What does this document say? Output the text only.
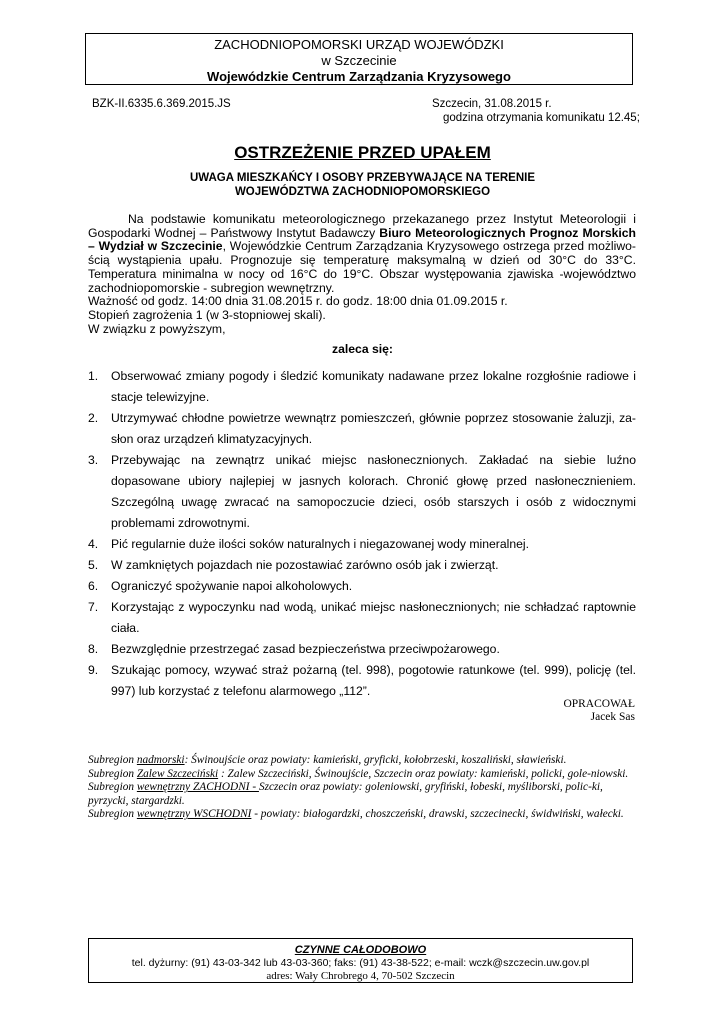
ZACHODNIOPOMORSKI URZĄD WOJEWÓDZKI
w Szczecinie
Wojewódzkie Centrum Zarządzania Kryzysowego
BZK-II.6335.6.369.2015.JS	Szczecin, 31.08.2015 r.
godzina otrzymania komunikatu 12.45;
OSTRZEŻENIE PRZED UPAŁEM
UWAGA MIESZKAŃCY I OSOBY PRZEBYWAJĄCE NA TERENIE
WOJEWÓDZTWA ZACHODNIOPOMORSKIEGO

Na podstawie komunikatu meteorologicznego przekazanego przez Instytut Meteorologii i Gospodarki Wodnej – Państwowy Instytut Badawczy Biuro Meteorologicznych Prognoz Morskich – Wydział w Szczecinie, Wojewódzkie Centrum Zarządzania Kryzysowego ostrzega przed możliwo-ścią wystąpienia upału. Prognozuje się temperaturę maksymalną w dzień od 30°C do 33°C. Temperatura minimalna w nocy od 16°C do 19°C. Obszar występowania zjawiska -województwo zachodniopomorskie - subregion wewnętrzny.

Ważność od godz. 14:00 dnia 31.08.2015 r. do godz. 18:00 dnia 01.09.2015 r.

Stopień zagrożenia 1 (w 3-stopniowej skali).

W związku z powyższym,

zaleca się:
1. Obserwować zmiany pogody i śledzić komunikaty nadawane przez lokalne rozgłośnie radiowe i stacje telewizyjne.
2. Utrzymywać chłodne powietrze wewnątrz pomieszczeń, głównie poprzez stosowanie żaluzji, za-słon oraz urządzeń klimatyzacyjnych.
3. Przebywając na zewnątrz unikać miejsc nasłonecznionych. Zakładać na siebie luźno dopasowane ubiory najlepiej w jasnych kolorach. Chronić głowę przed nasłonecznieniem. Szczególną uwagę zwracać na samopoczucie dzieci, osób starszych i osób z widocznymi problemami zdrowotnymi.
4. Pić regularnie duże ilości soków naturalnych i niegazowanej wody mineralnej.
5. W zamkniętych pojazdach nie pozostawiać zarówno osób jak i zwierząt.
6. Ograniczyć spożywanie napoi alkoholowych.
7. Korzystając z wypoczynku nad wodą, unikać miejsc nasłonecznionych; nie schładzać raptownie ciała.
8. Bezwzględnie przestrzegać zasad bezpieczeństwa przeciwpożarowego.
9. Szukając pomocy, wzywać straż pożarną (tel. 998), pogotowie ratunkowe (tel. 999), policję (tel. 997) lub korzystać z telefonu alarmowego „112”.
OPRACOWAŁ
Jacek Sas

Subregion nadmorski: Świnoujście oraz powiaty: kamieński, gryficki, kołobrzeski, koszaliński, sławieński.

Subregion Zalew Szczeciński : Zalew Szczeciński, Świnoujście, Szczecin oraz powiaty: kamieński, policki, gole-niowski.

Subregion wewnętrzny ZACHODNI - Szczecin oraz powiaty: goleniowski, gryfiński, łobeski, myśliborski, polic-ki, pyrzycki, stargardzki.

Subregion wewnętrzny WSCHODNI - powiaty: białogardzki, choszczeński, drawski, szczecinecki, świdwiński, wałecki.

CZYNNE CAŁODOBOWO
tel. dyżurny: (91) 43-03-342 lub 43-03-360; faks: (91) 43-38-522; e-mail: wczk@szczecin.uw.gov.pl
adres: Wały Chrobrego 4, 70-502 Szczecin
